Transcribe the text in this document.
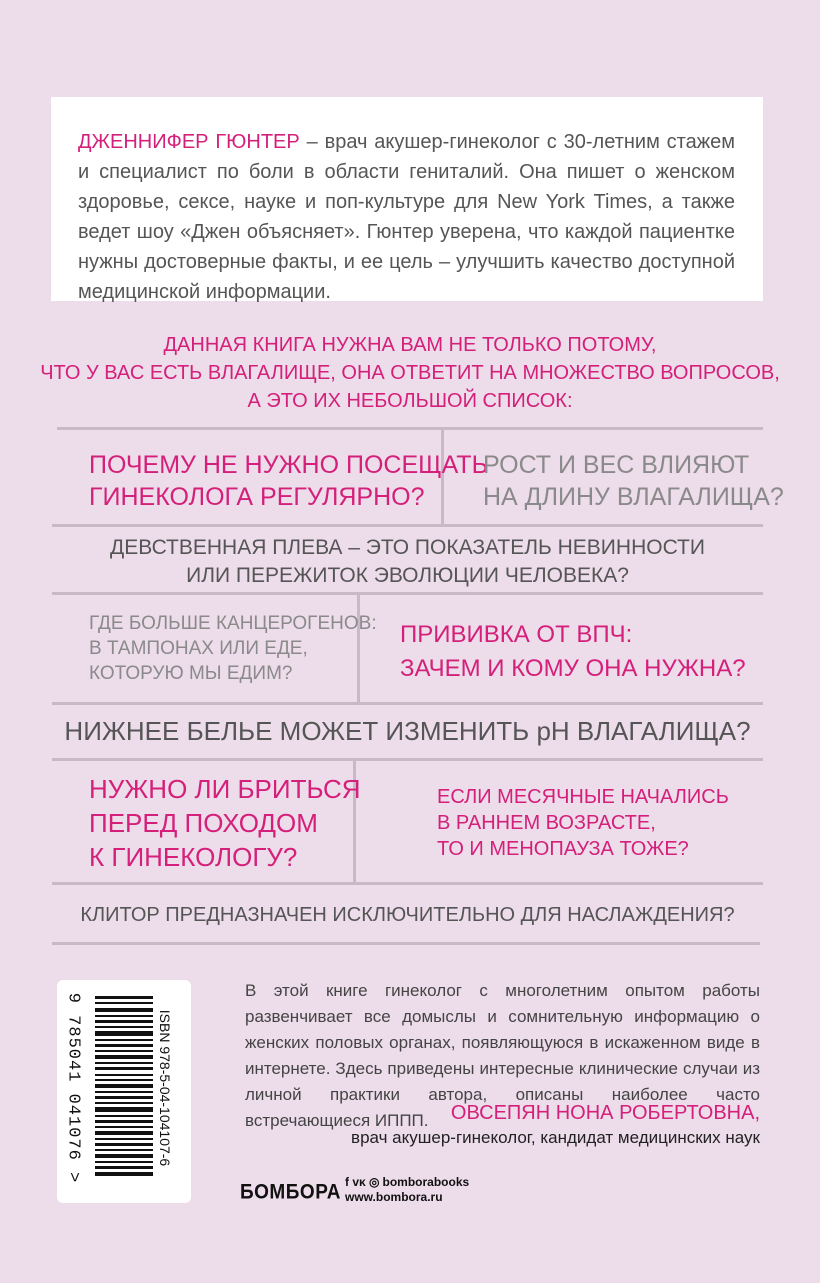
ДЖЕННИФЕР ГЮНТЕР – врач акушер-гинеколог с 30-летним стажем и специалист по боли в области гениталий. Она пишет о женском здоровье, сексе, науке и поп-культуре для New York Times, а также ведет шоу «Джен объясняет». Гюнтер уверена, что каждой пациентке нужны достоверные факты, и ее цель – улучшить качество доступной медицинской информации.
ДАННАЯ КНИГА НУЖНА ВАМ НЕ ТОЛЬКО ПОТОМУ,
ЧТО У ВАС ЕСТЬ ВЛАГАЛИЩЕ, ОНА ОТВЕТИТ НА МНОЖЕСТВО ВОПРОСОВ,
А ЭТО ИХ НЕБОЛЬШОЙ СПИСОК:
ПОЧЕМУ НЕ НУЖНО ПОСЕЩАТЬ
ГИНЕКОЛОГА РЕГУЛЯРНО?
РОСТ И ВЕС ВЛИЯЮТ
НА ДЛИНУ ВЛАГАЛИЩА?
ДЕВСТВЕННАЯ ПЛЕВА – ЭТО ПОКАЗАТЕЛЬ НЕВИННОСТИ
ИЛИ ПЕРЕЖИТОК ЭВОЛЮЦИИ ЧЕЛОВЕКА?
ГДЕ БОЛЬШЕ КАНЦЕРОГЕНОВ:
В ТАМПОНАХ ИЛИ ЕДЕ,
КОТОРУЮ МЫ ЕДИМ?
ПРИВИВКА ОТ ВПЧ:
ЗАЧЕМ И КОМУ ОНА НУЖНА?
НИЖНЕЕ БЕЛЬЕ МОЖЕТ ИЗМЕНИТЬ pH ВЛАГАЛИЩА?
НУЖНО ЛИ БРИТЬСЯ
ПЕРЕД ПОХОДОМ
К ГИНЕКОЛОГУ?
ЕСЛИ МЕСЯЧНЫЕ НАЧАЛИСЬ
В РАННЕМ ВОЗРАСТЕ,
ТО И МЕНОПАУЗА ТОЖЕ?
КЛИТОР ПРЕДНАЗНАЧЕН ИСКЛЮЧИТЕЛЬНО ДЛЯ НАСЛАЖДЕНИЯ?
ISBN 978-5-04-104107-6
9 785041 041076 >
В этой книге гинеколог с многолетним опытом работы развенчивает все домыслы и сомнительную информацию о женских половых органах, появляющуюся в искаженном виде в интернете. Здесь приведены интересные клинические случаи из личной практики автора, описаны наиболее часто встречающиеся ИППП.	ОВСЕПЯН НОНА РОБЕРТОВНА,
врач акушер-гинеколог, кандидат медицинских наук
БОМБОРА f ᴠᴋ ◎ bomborabooks
www.bombora.ru
